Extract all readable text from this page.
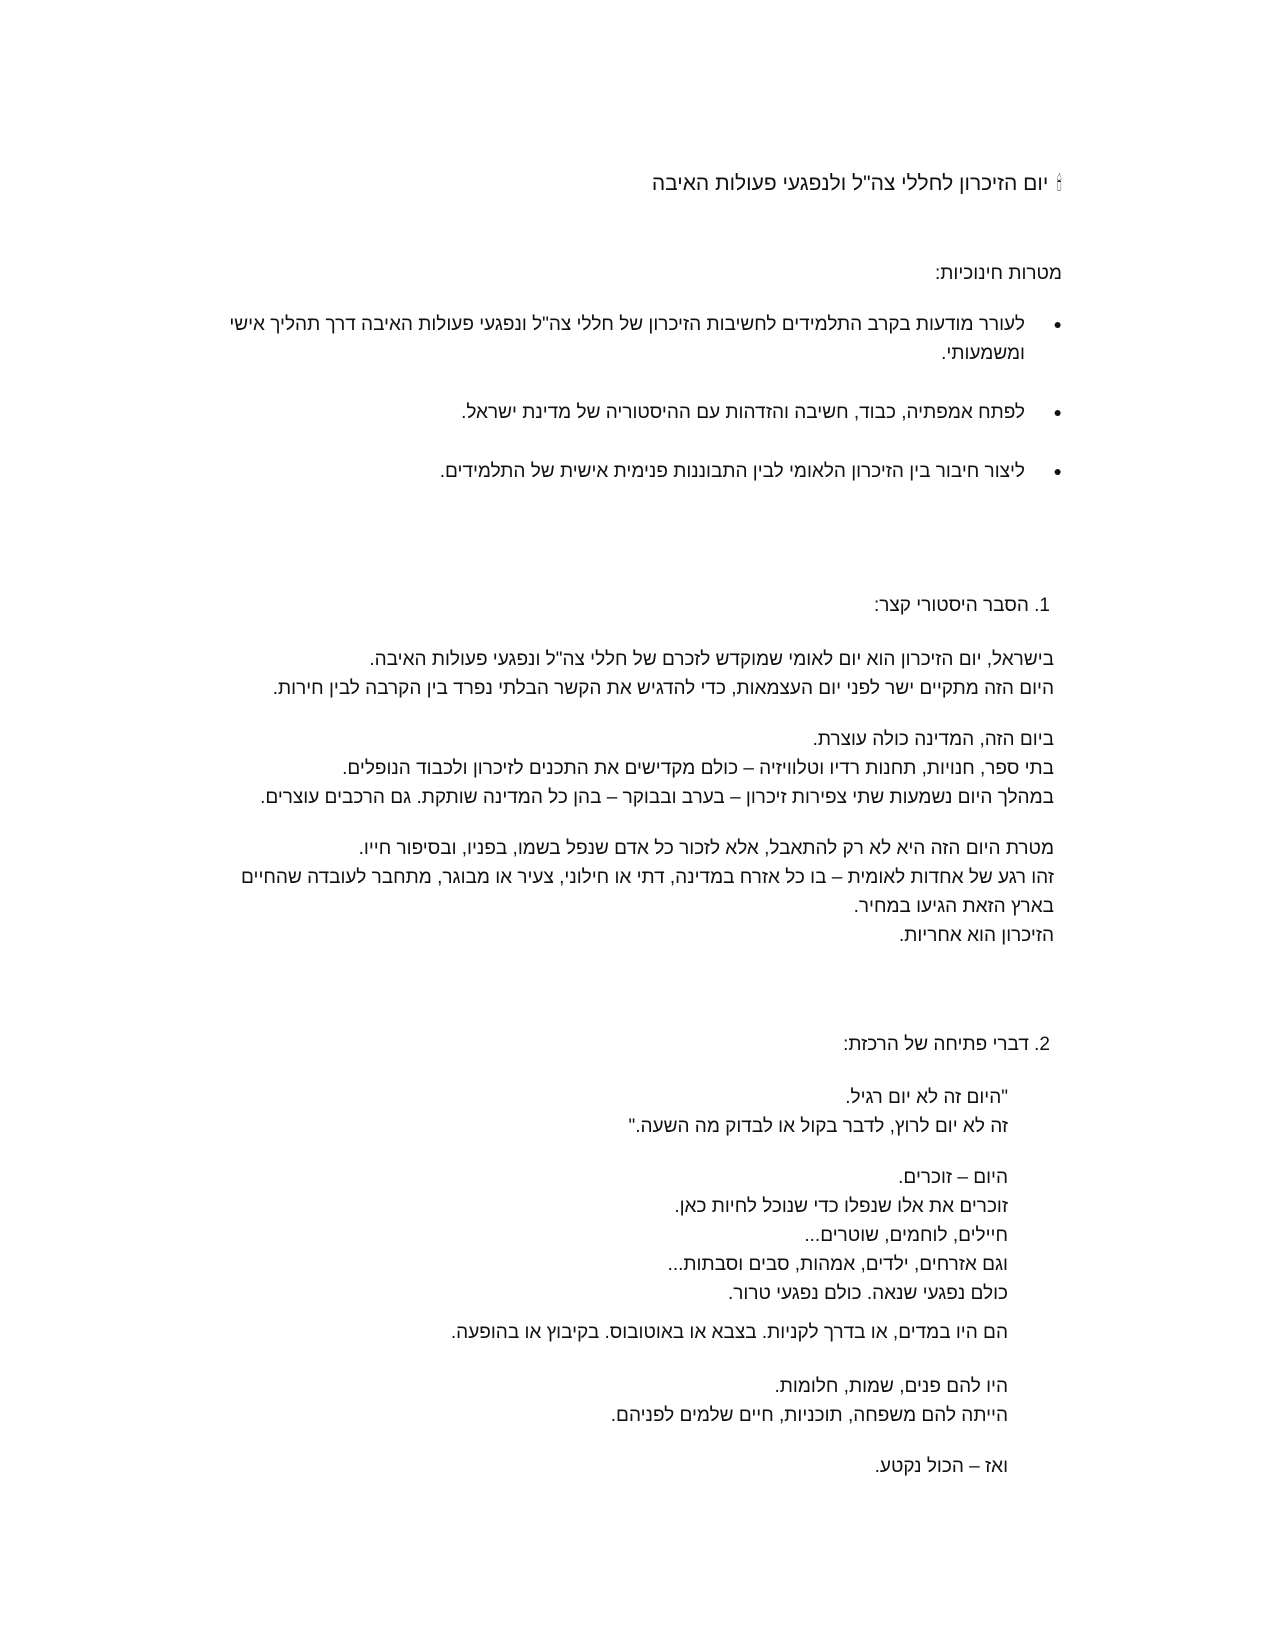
🕯יום הזיכרון לחללי צה"ל ולנפגעי פעולות האיבה
מטרות חינוכיות:
● לעורר מודעות בקרב התלמידים לחשיבות הזיכרון של חללי צה"ל ונפגעי פעולות האיבה דרך תהליך אישי ומשמעותי.
● לפתח אמפתיה, כבוד, חשיבה והזדהות עם ההיסטוריה של מדינת ישראל.
● ליצור חיבור בין הזיכרון הלאומי לבין התבוננות פנימית אישית של התלמידים.
1. הסבר היסטורי קצר:

בישראל, יום הזיכרון הוא יום לאומי שמוקדש לזכרם של חללי צה"ל ונפגעי פעולות האיבה.

היום הזה מתקיים ישר לפני יום העצמאות, כדי להדגיש את הקשר הבלתי נפרד בין הקרבה לבין חירות.

ביום הזה, המדינה כולה עוצרת.

בתי ספר, חנויות, תחנות רדיו וטלוויזיה – כולם מקדישים את התכנים לזיכרון ולכבוד הנופלים.

במהלך היום נשמעות שתי צפירות זיכרון – בערב ובבוקר – בהן כל המדינה שותקת. גם הרכבים עוצרים.

מטרת היום הזה היא לא רק להתאבל, אלא לזכור כל אדם שנפל בשמו, בפניו, ובסיפור חייו.

זהו רגע של אחדות לאומית – בו כל אזרח במדינה, דתי או חילוני, צעיר או מבוגר, מתחבר לעובדה שהחיים בארץ הזאת הגיעו במחיר.

הזיכרון הוא אחריות.

2. דברי פתיחה של הרכזת:

"היום זה לא יום רגיל.

זה לא יום לרוץ, לדבר בקול או לבדוק מה השעה."

היום – זוכרים.

זוכרים את אלו שנפלו כדי שנוכל לחיות כאן.

חיילים, לוחמים, שוטרים...

וגם אזרחים, ילדים, אמהות, סבים וסבתות...

כולם נפגעי שנאה. כולם נפגעי טרור.

הם היו במדים, או בדרך לקניות. בצבא או באוטובוס. בקיבוץ או בהופעה.

היו להם פנים, שמות, חלומות.

הייתה להם משפחה, תוכניות, חיים שלמים לפניהם.

ואז – הכול נקטע.
